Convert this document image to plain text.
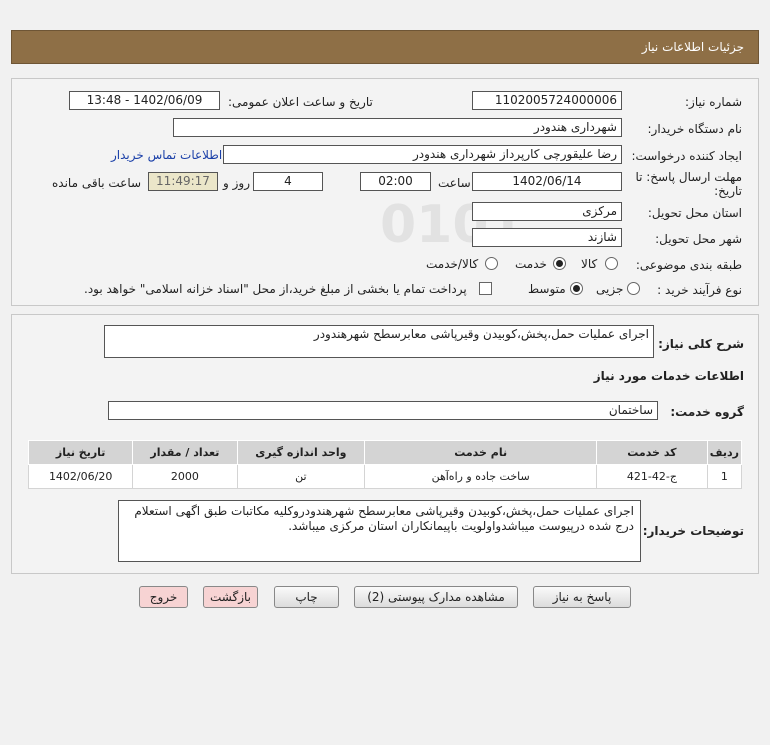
جزئیات اطلاعات نیاز
شماره نیاز:
1102005724000006
تاریخ و ساعت اعلان عمومی:
1402/06/09 - 13:48
نام دستگاه خریدار:
شهرداری هندودر
ایجاد کننده درخواست:
رضا علیقورچی کارپرداز شهرداری هندودر
اطلاعات تماس خریدار
مهلت ارسال پاسخ: تا
تاریخ:
1402/06/14
ساعت
02:00
4
روز و
11:49:17
ساعت باقی مانده
استان محل تحویل:
مرکزی
شهر محل تحویل:
شازند
طبقه بندی موضوعی:
کالا
خدمت
کالا/خدمت
نوع فرآیند خرید :
جزیی
متوسط
پرداخت تمام یا بخشی از مبلغ خرید،از محل "اسناد خزانه اسلامی" خواهد بود.
شرح کلی نیاز:
اجرای عملیات حمل،پخش،کوبیدن وقیرپاشی معابرسطح شهرهندودر
اطلاعات خدمات مورد نیاز
گروه خدمت:
ساختمان
ردیف	کد خدمت	نام خدمت	واحد اندازه گیری	تعداد / مقدار	تاریخ نیاز
1	ج-42-421	ساخت جاده و راه‌آهن	تن	2000	1402/06/20
توضیحات خریدار:
اجرای عملیات حمل،پخش،کوبیدن وقیرپاشی معابرسطح شهرهندودروکلیه مکاتبات طبق اگهی استعلام درج شده درپیوست میباشدواولویت باپیمانکاران استان مرکزی میباشد.
پاسخ به نیاز
مشاهده مدارک پیوستی (2)
چاپ
بازگشت
خروج
